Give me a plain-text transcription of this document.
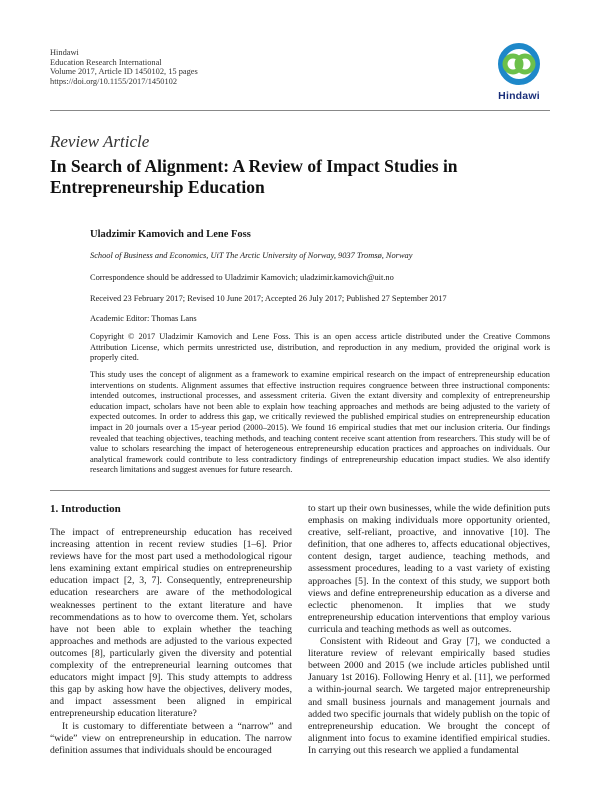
Hindawi
Education Research International
Volume 2017, Article ID 1450102, 15 pages
https://doi.org/10.1155/2017/1450102
Hindawi
Review Article
In Search of Alignment: A Review of Impact Studies in Entrepreneurship Education
Uladzimir Kamovich and Lene Foss
School of Business and Economics, UiT The Arctic University of Norway, 9037 Tromsø, Norway
Correspondence should be addressed to Uladzimir Kamovich; uladzimir.kamovich@uit.no
Received 23 February 2017; Revised 10 June 2017; Accepted 26 July 2017; Published 27 September 2017
Academic Editor: Thomas Lans
Copyright © 2017 Uladzimir Kamovich and Lene Foss. This is an open access article distributed under the Creative Commons Attribution License, which permits unrestricted use, distribution, and reproduction in any medium, provided the original work is properly cited.
This study uses the concept of alignment as a framework to examine empirical research on the impact of entrepreneurship education interventions on students. Alignment assumes that effective instruction requires congruence between three instructional components: intended outcomes, instructional processes, and assessment criteria. Given the extant diversity and complexity of entrepreneurship education impact, scholars have not been able to explain how teaching approaches and methods are being adjusted to the variety of expected outcomes. In order to address this gap, we critically reviewed the published empirical studies on entrepreneurship education impact in 20 journals over a 15-year period (2000–2015). We found 16 empirical studies that met our inclusion criteria. Our findings revealed that teaching objectives, teaching methods, and teaching content receive scant attention from researchers. This study will be of value to scholars researching the impact of heterogeneous entrepreneurship education practices and approaches on individuals. Our analytical framework could contribute to less contradictory findings of entrepreneurship education impact studies. We also identify research limitations and suggest avenues for future research.
1. Introduction

The impact of entrepreneurship education has received increasing attention in recent review studies [1–6]. Prior reviews have for the most part used a methodological rigour lens examining extant empirical studies on entrepreneurship education impact [2, 3, 7]. Consequently, entrepreneurship education researchers are aware of the methodological weaknesses pertinent to the extant literature and have recommendations as to how to overcome them. Yet, scholars have not been able to explain whether the teaching approaches and methods are adjusted to the various expected outcomes [8], particularly given the diversity and potential complexity of the entrepreneurial learning outcomes that educators might impact [9]. This study attempts to address this gap by asking how have the objectives, delivery modes, and impact assessment been aligned in empirical entrepreneurship education literature?

It is customary to differentiate between a “narrow” and “wide” view on entrepreneurship in education. The narrow definition assumes that individuals should be encouraged

to start up their own businesses, while the wide definition puts emphasis on making individuals more opportunity oriented, creative, self-reliant, proactive, and innovative [10]. The definition, that one adheres to, affects educational objectives, content design, target audience, teaching methods, and assessment procedures, leading to a vast variety of existing approaches [5]. In the context of this study, we support both views and define entrepreneurship education as a diverse and eclectic phenomenon. It implies that we study entrepreneurship education interventions that employ various curricula and teaching methods as well as outcomes.

Consistent with Rideout and Gray [7], we conducted a literature review of relevant empirically based studies between 2000 and 2015 (we include articles published until January 1st 2016). Following Henry et al. [11], we performed a within-journal search. We targeted major entrepreneurship and small business journals and management journals and added two specific journals that widely publish on the topic of entrepreneurship education. We brought the concept of alignment into focus to examine identified empirical studies. In carrying out this research we applied a fundamental
